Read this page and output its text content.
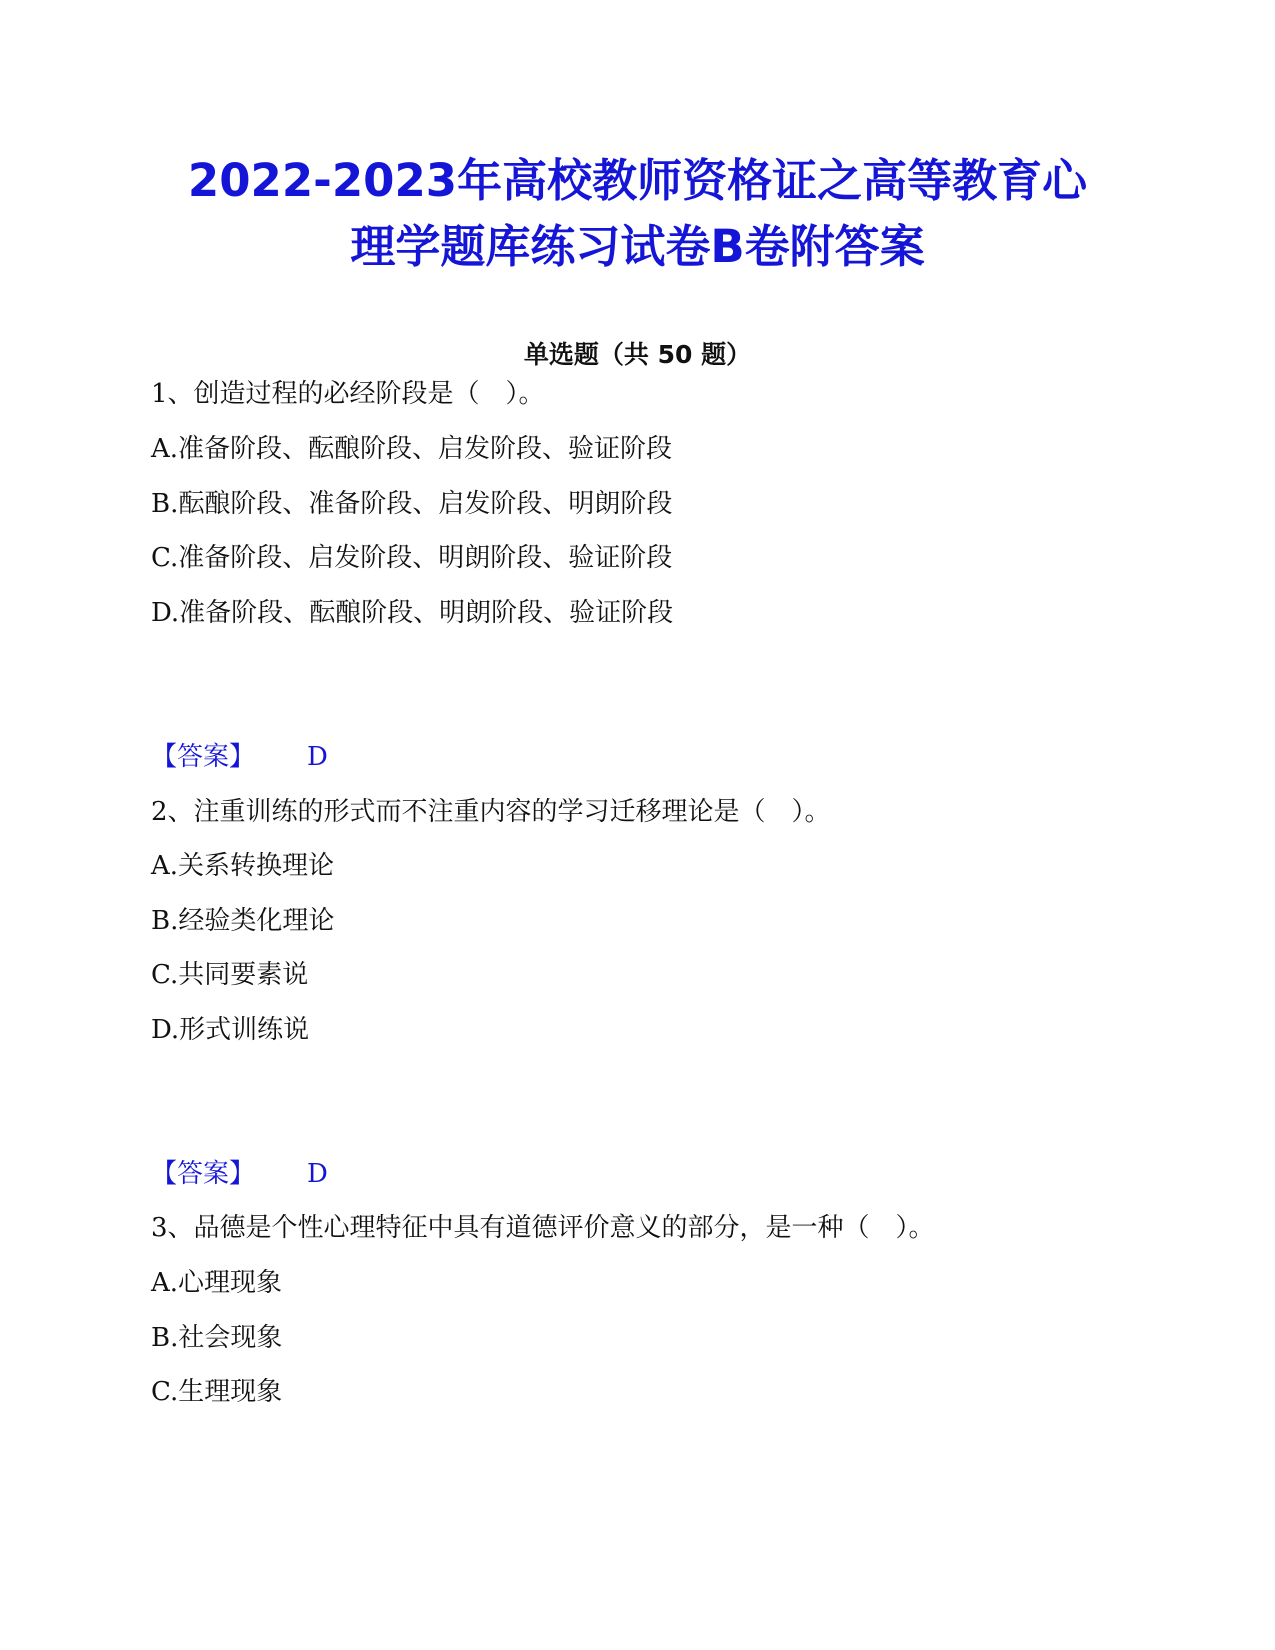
2022-2023年高校教师资格证之高等教育心
理学题库练习试卷B卷附答案
单选题（共 50 题）
1、创造过程的必经阶段是（　）。
A.准备阶段、酝酿阶段、启发阶段、验证阶段
B.酝酿阶段、准备阶段、启发阶段、明朗阶段
C.准备阶段、启发阶段、明朗阶段、验证阶段
D.准备阶段、酝酿阶段、明朗阶段、验证阶段
【答案】 D
2、注重训练的形式而不注重内容的学习迁移理论是（　）。
A.关系转换理论
B.经验类化理论
C.共同要素说
D.形式训练说
【答案】 D
3、品德是个性心理特征中具有道德评价意义的部分，是一种（　）。
A.心理现象
B.社会现象
C.生理现象
